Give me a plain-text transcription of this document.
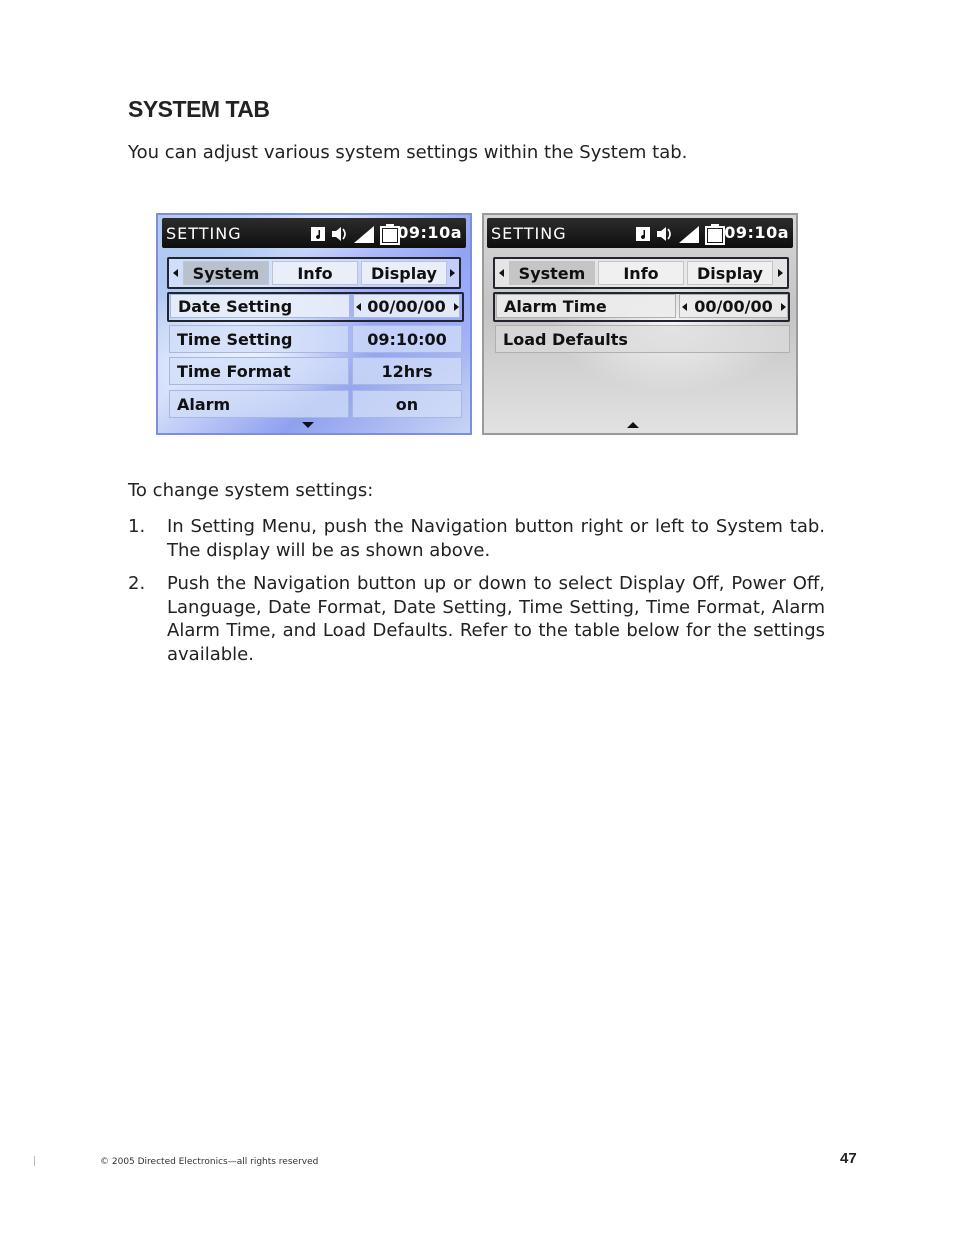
SYSTEM TAB
You can adjust various system settings within the System tab.
SETTING	09:10a
System	Info	Display
Date Setting	00/00/00
Time Setting	09:10:00
Time Format	12hrs
Alarm	on
SETTING	09:10a
System	Info	Display
Alarm Time	00/00/00
Load Defaults

To change system settings:

1. In Setting Menu, push the Navigation button right or left to System tab. The display will be as shown above.
2. Push the Navigation button up or down to select Display Off, Power Off, Language, Date Format, Date Setting, Time Setting, Time Format, Alarm Alarm Time, and Load Defaults. Refer to the table below for the settings available.
© 2005 Directed Electronics—all rights reserved	47
